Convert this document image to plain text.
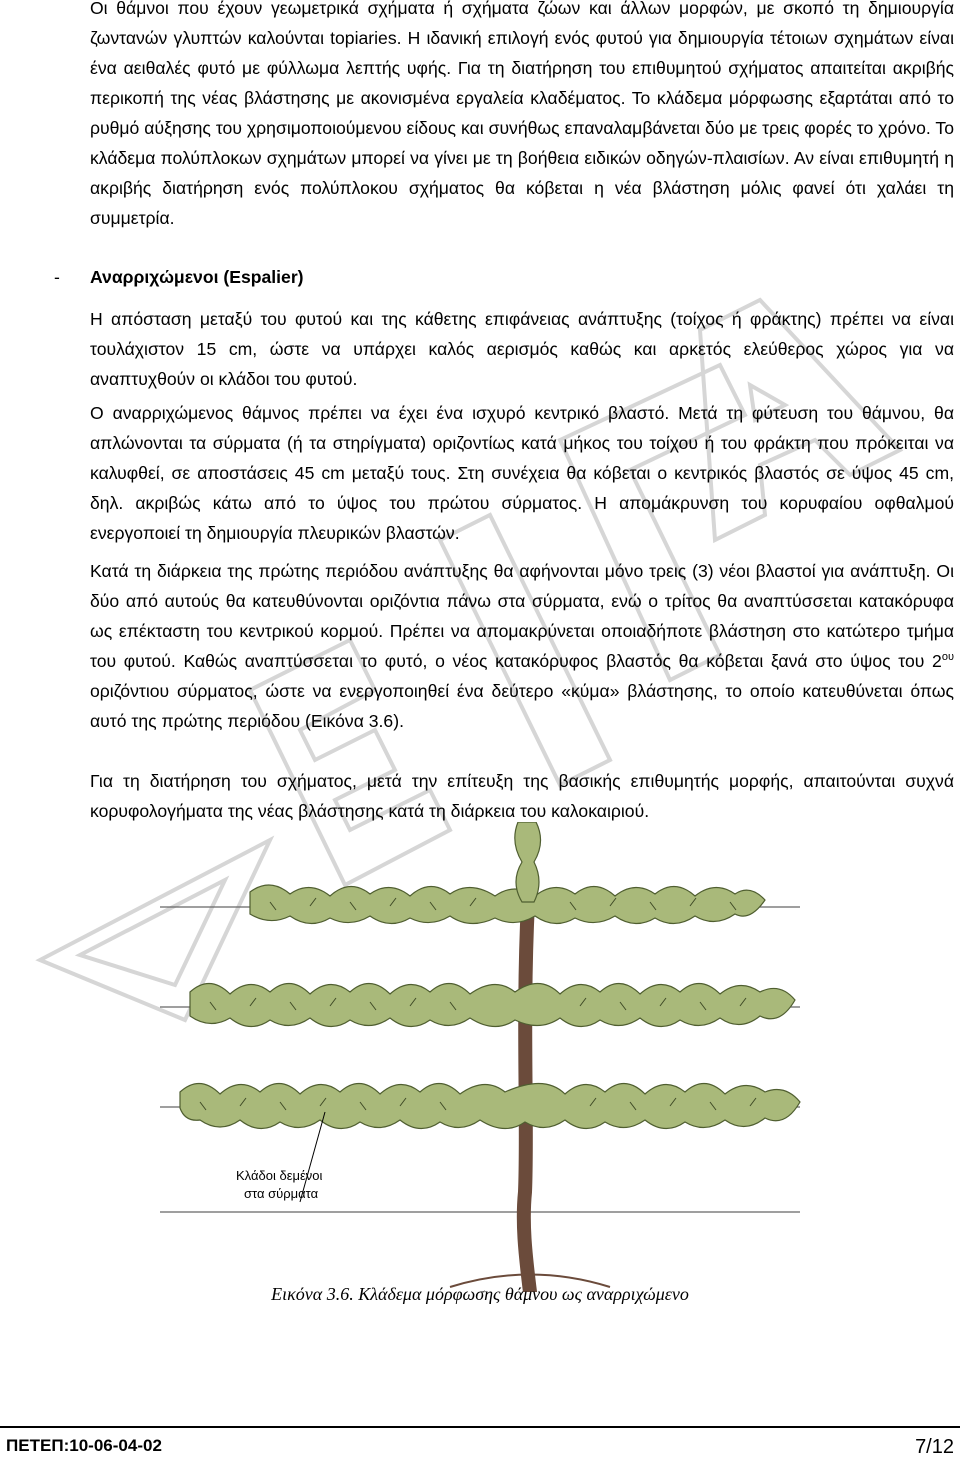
Οι θάμνοι που έχουν γεωμετρικά σχήματα ή σχήματα ζώων και άλλων μορφών, με σκοπό τη δημιουργία ζωντανών γλυπτών καλούνται topiaries. Η ιδανική επιλογή ενός φυτού για δημιουργία τέτοιων σχημάτων είναι ένα αειθαλές φυτό με φύλλωμα λεπτής υφής. Για τη διατήρηση του επιθυμητού σχήματος απαιτείται ακριβής περικοπή της νέας βλάστησης με ακονισμένα εργαλεία κλαδέματος. Το κλάδεμα μόρφωσης εξαρτάται από το ρυθμό αύξησης του χρησιμοποιούμενου είδους και συνήθως επαναλαμβάνεται δύο με τρεις φορές το χρόνο. Το κλάδεμα πολύπλοκων σχημάτων μπορεί να γίνει με τη βοήθεια ειδικών οδηγών-πλαισίων. Αν είναι επιθυμητή η ακριβής διατήρηση ενός πολύπλοκου σχήματος θα κόβεται η νέα βλάστηση μόλις φανεί ότι χαλάει τη συμμετρία.

- Αναρριχώμενοι (Espalier)

Η απόσταση μεταξύ του φυτού και της κάθετης επιφάνειας ανάπτυξης (τοίχος ή φράκτης) πρέπει να είναι τουλάχιστον 15 cm, ώστε να υπάρχει καλός αερισμός καθώς και αρκετός ελεύθερος χώρος για να αναπτυχθούν οι κλάδοι του φυτού.

Ο αναρριχώμενος θάμνος πρέπει να έχει ένα ισχυρό κεντρικό βλαστό. Μετά τη φύτευση του θάμνου, θα απλώνονται τα σύρματα (ή τα στηρίγματα) οριζοντίως κατά μήκος του τοίχου ή του φράκτη που πρόκειται να καλυφθεί, σε αποστάσεις 45 cm μεταξύ τους. Στη συνέχεια θα κόβεται ο κεντρικός βλαστός σε ύψος 45 cm, δηλ. ακριβώς κάτω από το ύψος του πρώτου σύρματος. Η απομάκρυνση του κορυφαίου οφθαλμού ενεργοποιεί τη δημιουργία πλευρικών βλαστών.

Κατά τη διάρκεια της πρώτης περιόδου ανάπτυξης θα αφήνονται μόνο τρεις (3) νέοι βλαστοί για ανάπτυξη. Οι δύο από αυτούς θα κατευθύνονται οριζόντια πάνω στα σύρματα, ενώ ο τρίτος θα αναπτύσσεται κατακόρυφα ως επέκταστη του κεντρικού κορμού. Πρέπει να απομακρύνεται οποιαδήποτε βλάστηση στο κατώτερο τμήμα του φυτού. Καθώς αναπτύσσεται το φυτό, ο νέος κατακόρυφος βλαστός θα κόβεται ξανά στο ύψος του $2^{o\upsilon}$ οριζόντιου σύρματος, ώστε να ενεργοποιηθεί ένα δεύτερο «κύμα» βλάστησης, το οποίο κατευθύνεται όπως αυτό της πρώτης περιόδου (Εικόνα 3.6).

Για τη διατήρηση του σχήματος, μετά την επίτευξη της βασικής επιθυμητής μορφής, απαιτούνται συχνά κορυφολογήματα της νέας βλάστησης κατά τη διάρκεια του καλοκαιριού.

Κλάδοι δεμένοι
στα σύρματα
Εικόνα 3.6. Κλάδεμα μόρφωσης θάμνου ως αναρριχώμενο
ΠΕΤΕΠ:10-06-04-02	7/12
